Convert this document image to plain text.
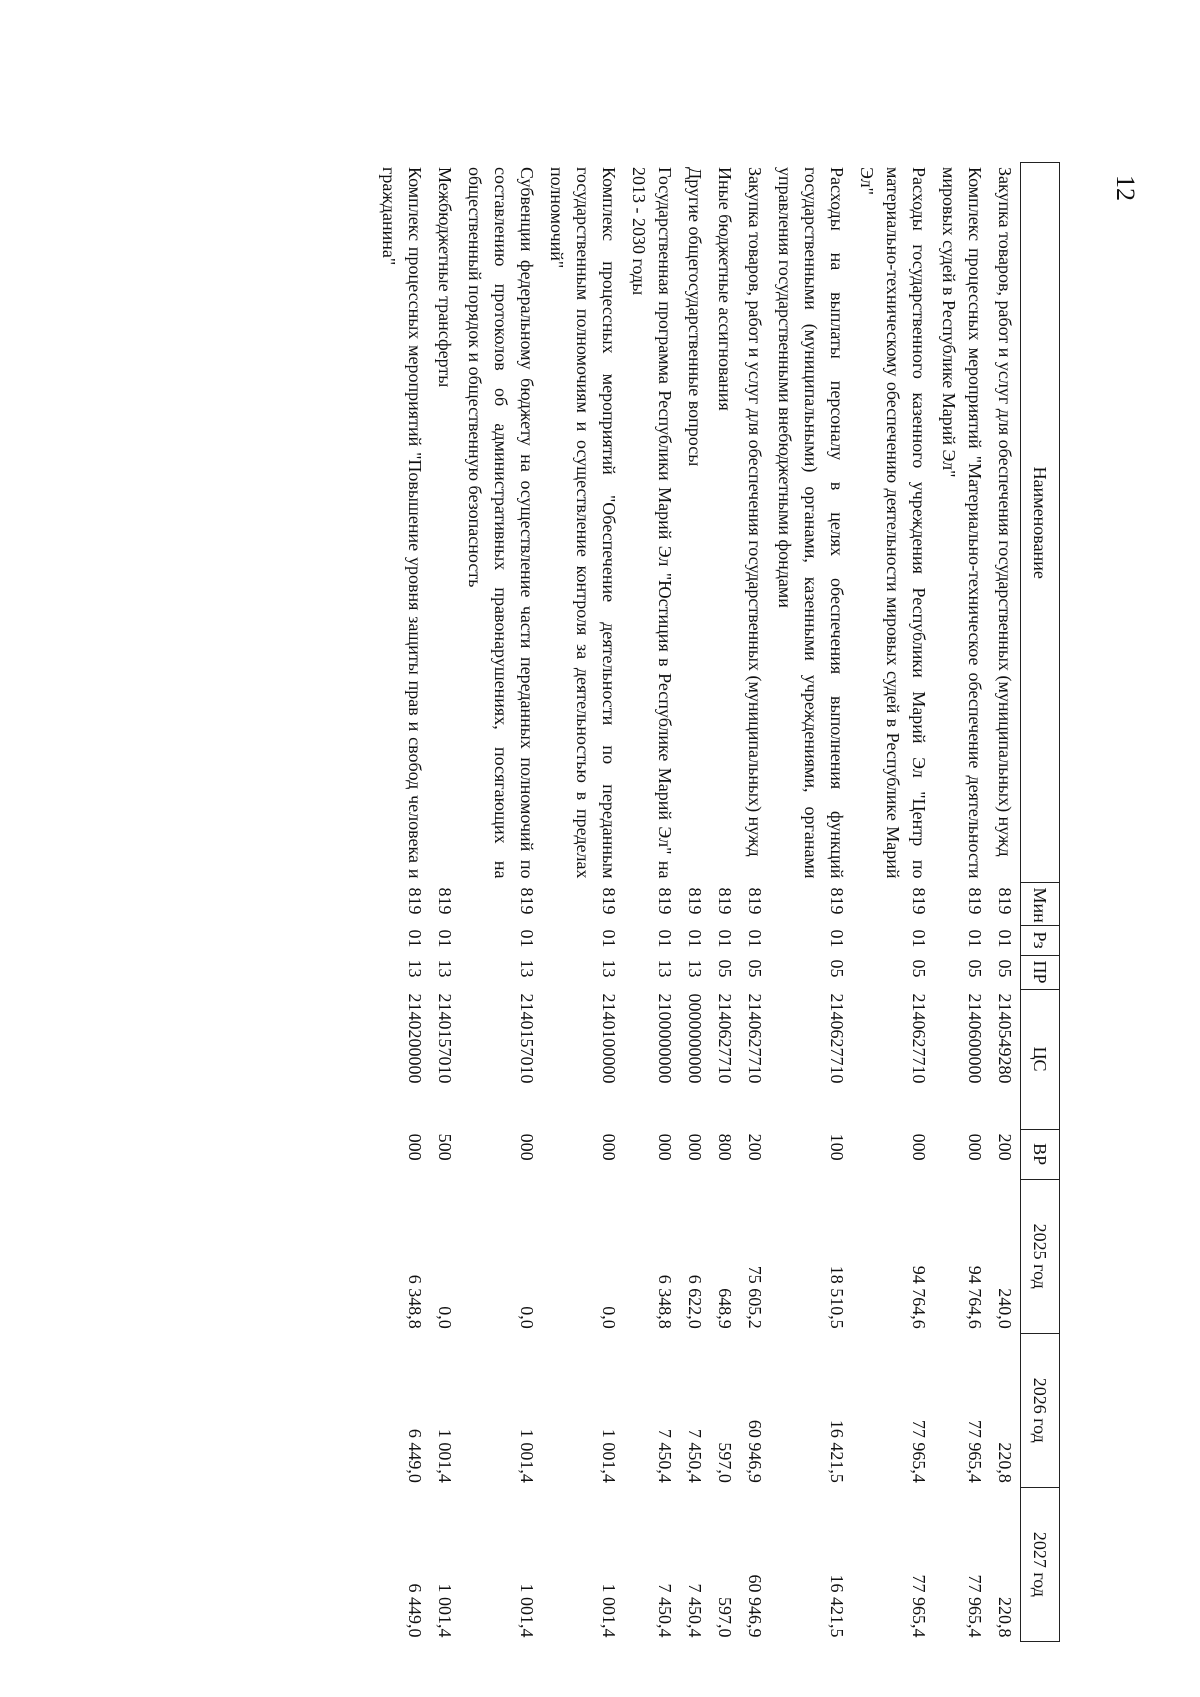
12
Наименование	Мин	Рз	ПР	ЦС	ВР	2025 год	2026 год	2027 год
Закупка товаров, работ и услуг для обеспечения государственных (муниципальных) нужд	819	01	05	2140549280	200	240,0	220,8	220,8
Комплекс процессных мероприятий "Материально-техническое обеспечение деятельности мировых судей в Республике Марий Эл"	819	01	05	2140600000	000	94 764,6	77 965,4	77 965,4
Расходы государственного казенного учреждения Республики Марий Эл "Центр по материально-техническому обеспечению деятельности мировых судей в Республике Марий Эл"	819	01	05	2140627710	000	94 764,6	77 965,4	77 965,4
Расходы на выплаты персоналу в целях обеспечения выполнения функций государственными (муниципальными) органами, казенными учреждениями, органами управления государственными внебюджетными фондами	819	01	05	2140627710	100	18 510,5	16 421,5	16 421,5
Закупка товаров, работ и услуг для обеспечения государственных (муниципальных) нужд	819	01	05	2140627710	200	75 605,2	60 946,9	60 946,9
Иные бюджетные ассигнования	819	01	05	2140627710	800	648,9	597,0	597,0
Другие общегосударственные вопросы	819	01	13	0000000000	000	6 622,0	7 450,4	7 450,4
Государственная программа Республики Марий Эл "Юстиция в Республике Марий Эл" на 2013 - 2030 годы	819	01	13	2100000000	000	6 348,8	7 450,4	7 450,4
Комплекс процессных мероприятий "Обеспечение деятельности по переданным государственным полномочиям и осуществление контроля за деятельностью в пределах полномочий"	819	01	13	2140100000	000	0,0	1 001,4	1 001,4
Субвенции федеральному бюджету на осуществление части переданных полномочий по составлению протоколов об административных правонарушениях, посягающих на общественный порядок и общественную безопасность	819	01	13	2140157010	000	0,0	1 001,4	1 001,4
Межбюджетные трансферты	819	01	13	2140157010	500	0,0	1 001,4	1 001,4
Комплекс процессных мероприятий "Повышение уровня защиты прав и свобод человека и гражданина"	819	01	13	2140200000	000	6 348,8	6 449,0	6 449,0
